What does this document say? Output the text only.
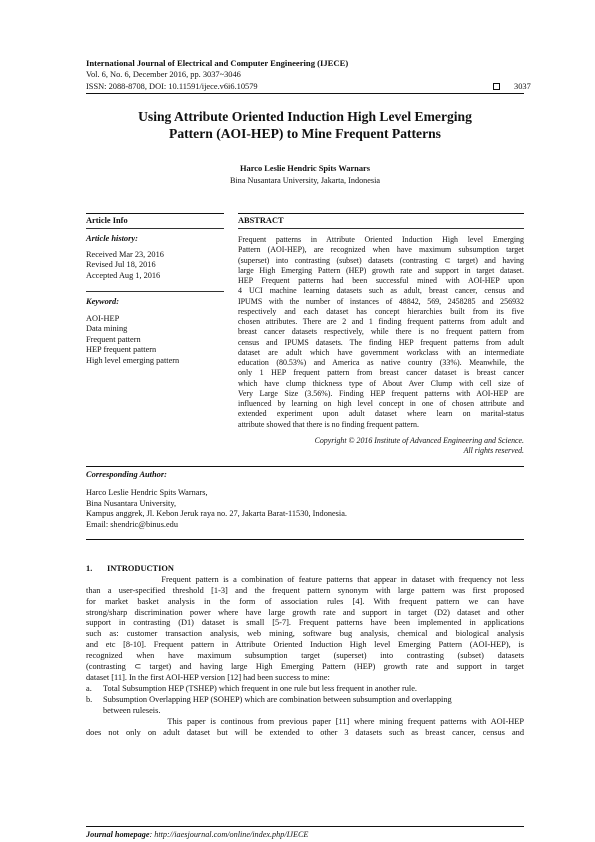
International Journal of Electrical and Computer Engineering (IJECE)
Vol. 6, No. 6, December 2016, pp. 3037~3046
ISSN: 2088-8708, DOI: 10.11591/ijece.v6i6.10579	3037
Using Attribute Oriented Induction High Level Emerging
Pattern (AOI-HEP) to Mine Frequent Patterns
Harco Leslie Hendric Spits Warnars
Bina Nusantara University, Jakarta, Indonesia
Article Info
Article history:
Received Mar 23, 2016
Revised Jul 18, 2016
Accepted Aug 1, 2016
Keyword:
AOI-HEP
Data mining
Frequent pattern
HEP frequent pattern
High level emerging pattern
ABSTRACT
Frequent patterns in Attribute Oriented Induction High level Emerging
Pattern (AOI-HEP), are recognized when have maximum subsumption target
(superset) into contrasting (subset) datasets (contrasting ⊂ target) and having
large High Emerging Pattern (HEP) growth rate and support in target dataset.
HEP Frequent patterns had been successful mined with AOI-HEP upon
4 UCI machine learning datasets such as adult, breast cancer, census and
IPUMS with the number of instances of 48842, 569, 2458285 and 256932
respectively and each dataset has concept hierarchies built from its five
chosen attributes. There are 2 and 1 finding frequent patterns from adult and
breast cancer datasets respectively, while there is no frequent pattern from
census and IPUMS datasets. The finding HEP frequent patterns from adult
dataset are adult which have government workclass with an intermediate
education (80.53%) and America as native country (33%). Meanwhile, the
only 1 HEP frequent pattern from breast cancer dataset is breast cancer
which have clump thickness type of About Aver Clump with cell size of
Very Large Size (3.56%). Finding HEP frequent patterns with AOI-HEP are
influenced by learning on high level concept in one of chosen attribute and
extended experiment upon adult dataset where learn on marital-status
attribute showed that there is no finding frequent pattern.
Copyright © 2016 Institute of Advanced Engineering and Science.
All rights reserved.
Corresponding Author:
Harco Leslie Hendric Spits Warnars,
Bina Nusantara University,
Kampus anggrek, Jl. Kebon Jeruk raya no. 27, Jakarta Barat-11530, Indonesia.
Email: shendric@binus.edu
1.       INTRODUCTION
Frequent pattern is a combination of feature patterns that appear in dataset with frequency not less
than a user-specified threshold [1-3] and the frequent pattern synonym with large pattern was first proposed
for market basket analysis in the form of association rules [4]. With frequent pattern we can have
strong/sharp discrimination power where have large growth rate and support in target (D2) dataset and other
support in contrasting (D1) dataset is small [5-7]. Frequent patterns have been implemented in applications
such as: customer transaction analysis, web mining, software bug analysis, chemical and biological analysis
and etc [8-10]. Frequent pattern in Attribute Oriented Induction High level Emerging Pattern (AOI-HEP), is
recognized when have maximum subsumption target (superset) into contrasting (subset) datasets
(contrasting ⊂ target) and having large High Emerging Pattern (HEP) growth rate and support in target
dataset [11]. In the first AOI-HEP version [12] had been success to mine:
a. Total Subsumption HEP (TSHEP) which frequent in one rule but less frequent in another rule.
b. Subsumption Overlapping HEP (SOHEP) which are combination between subsumption and overlapping
between ruleseis.
This paper is continous from previous paper [11] where mining frequent patterns with AOI-HEP
does not only on adult dataset but will be extended to other 3 datasets such as breast cancer, census and
Journal homepage: http://iaesjournal.com/online/index.php/IJECE
